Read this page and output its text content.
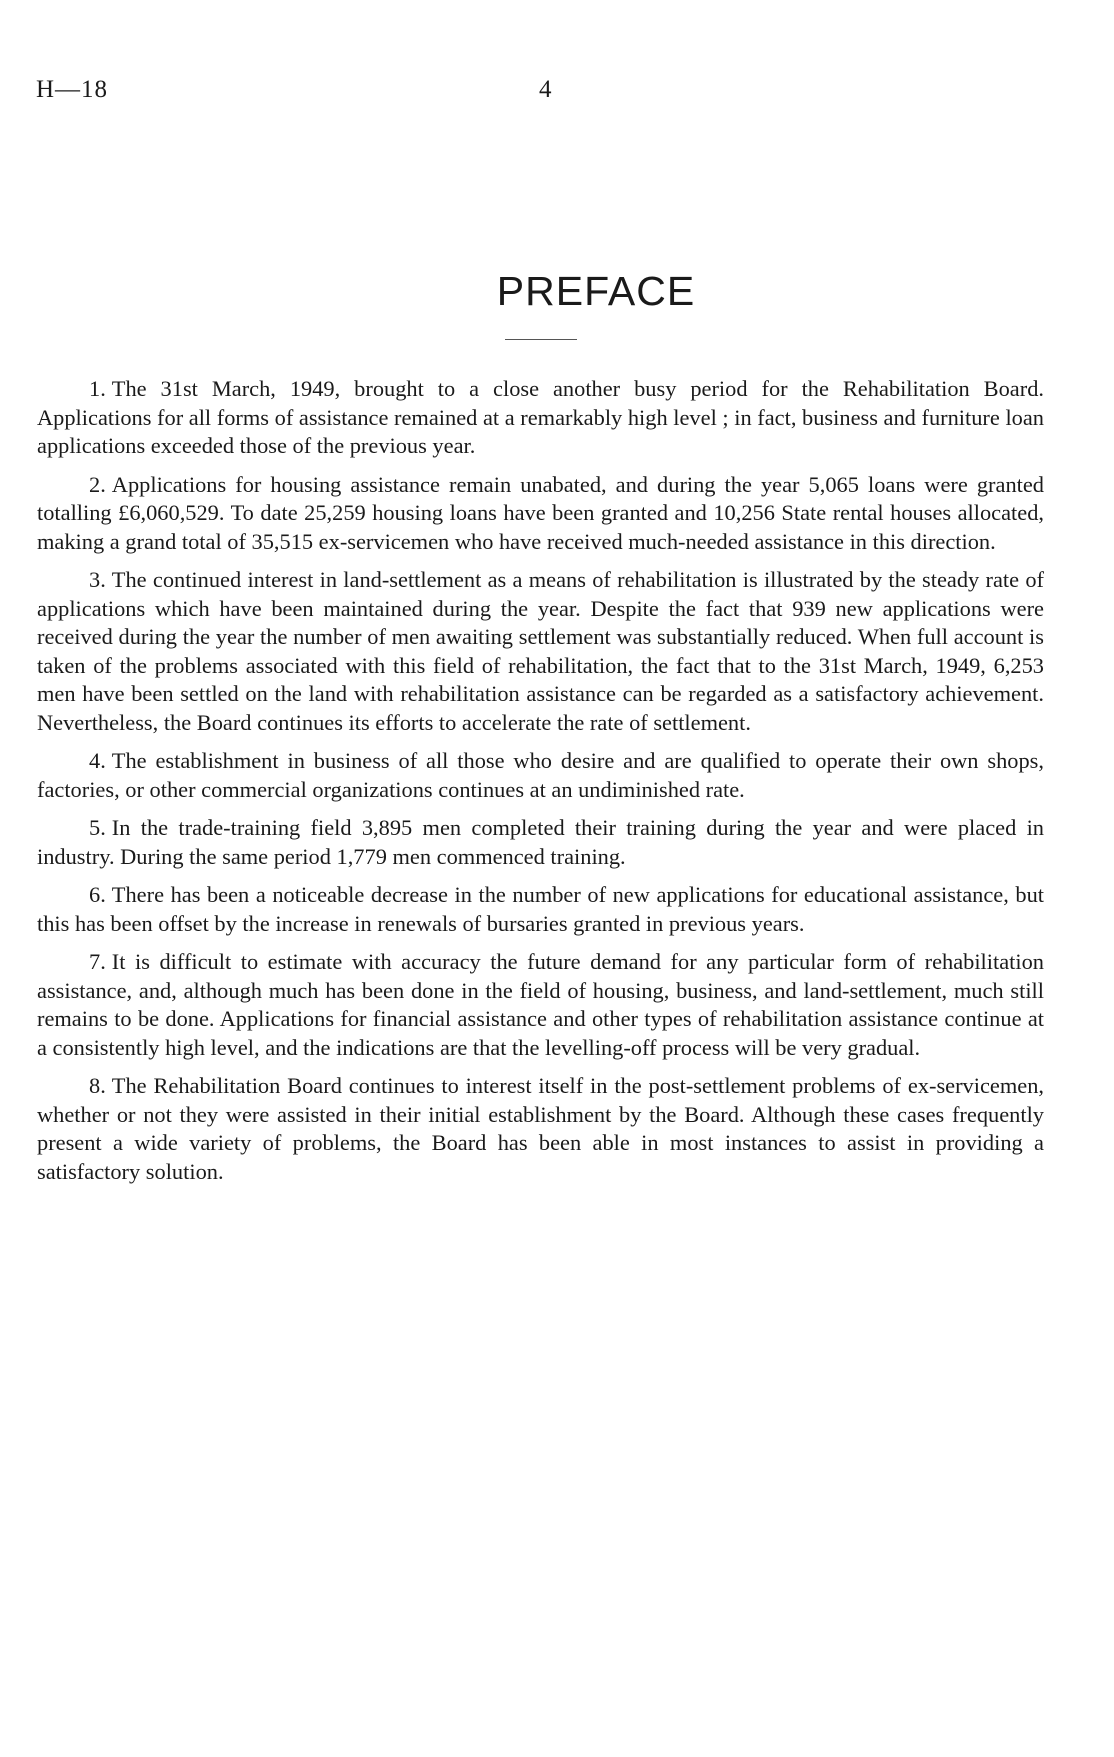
H—18	4
PREFACE

1. The 31st March, 1949, brought to a close another busy period for the Rehabilitation Board. Applications for all forms of assistance remained at a remarkably high level ; in fact, business and furniture loan applications exceeded those of the previous year.

2. Applications for housing assistance remain unabated, and during the year 5,065 loans were granted totalling £6,060,529. To date 25,259 housing loans have been granted and 10,256 State rental houses allocated, making a grand total of 35,515 ex-servicemen who have received much-needed assistance in this direction.

3. The continued interest in land-settlement as a means of rehabilitation is illustrated by the steady rate of applications which have been maintained during the year. Despite the fact that 939 new applications were received during the year the number of men awaiting settlement was substantially reduced. When full account is taken of the problems associated with this field of rehabilitation, the fact that to the 31st March, 1949, 6,253 men have been settled on the land with rehabilitation assistance can be regarded as a satisfactory achievement. Nevertheless, the Board continues its efforts to accelerate the rate of settlement.

4. The establishment in business of all those who desire and are qualified to operate their own shops, factories, or other commercial organizations continues at an undiminished rate.

5. In the trade-training field 3,895 men completed their training during the year and were placed in industry. During the same period 1,779 men commenced training.

6. There has been a noticeable decrease in the number of new applications for educational assistance, but this has been offset by the increase in renewals of bursaries granted in previous years.

7. It is difficult to estimate with accuracy the future demand for any particular form of rehabilitation assistance, and, although much has been done in the field of housing, business, and land-settlement, much still remains to be done. Applications for financial assistance and other types of rehabilitation assistance continue at a consistently high level, and the indications are that the levelling-off process will be very gradual.

8. The Rehabilitation Board continues to interest itself in the post-settlement problems of ex-servicemen, whether or not they were assisted in their initial establishment by the Board. Although these cases frequently present a wide variety of problems, the Board has been able in most instances to assist in providing a satisfactory solution.
